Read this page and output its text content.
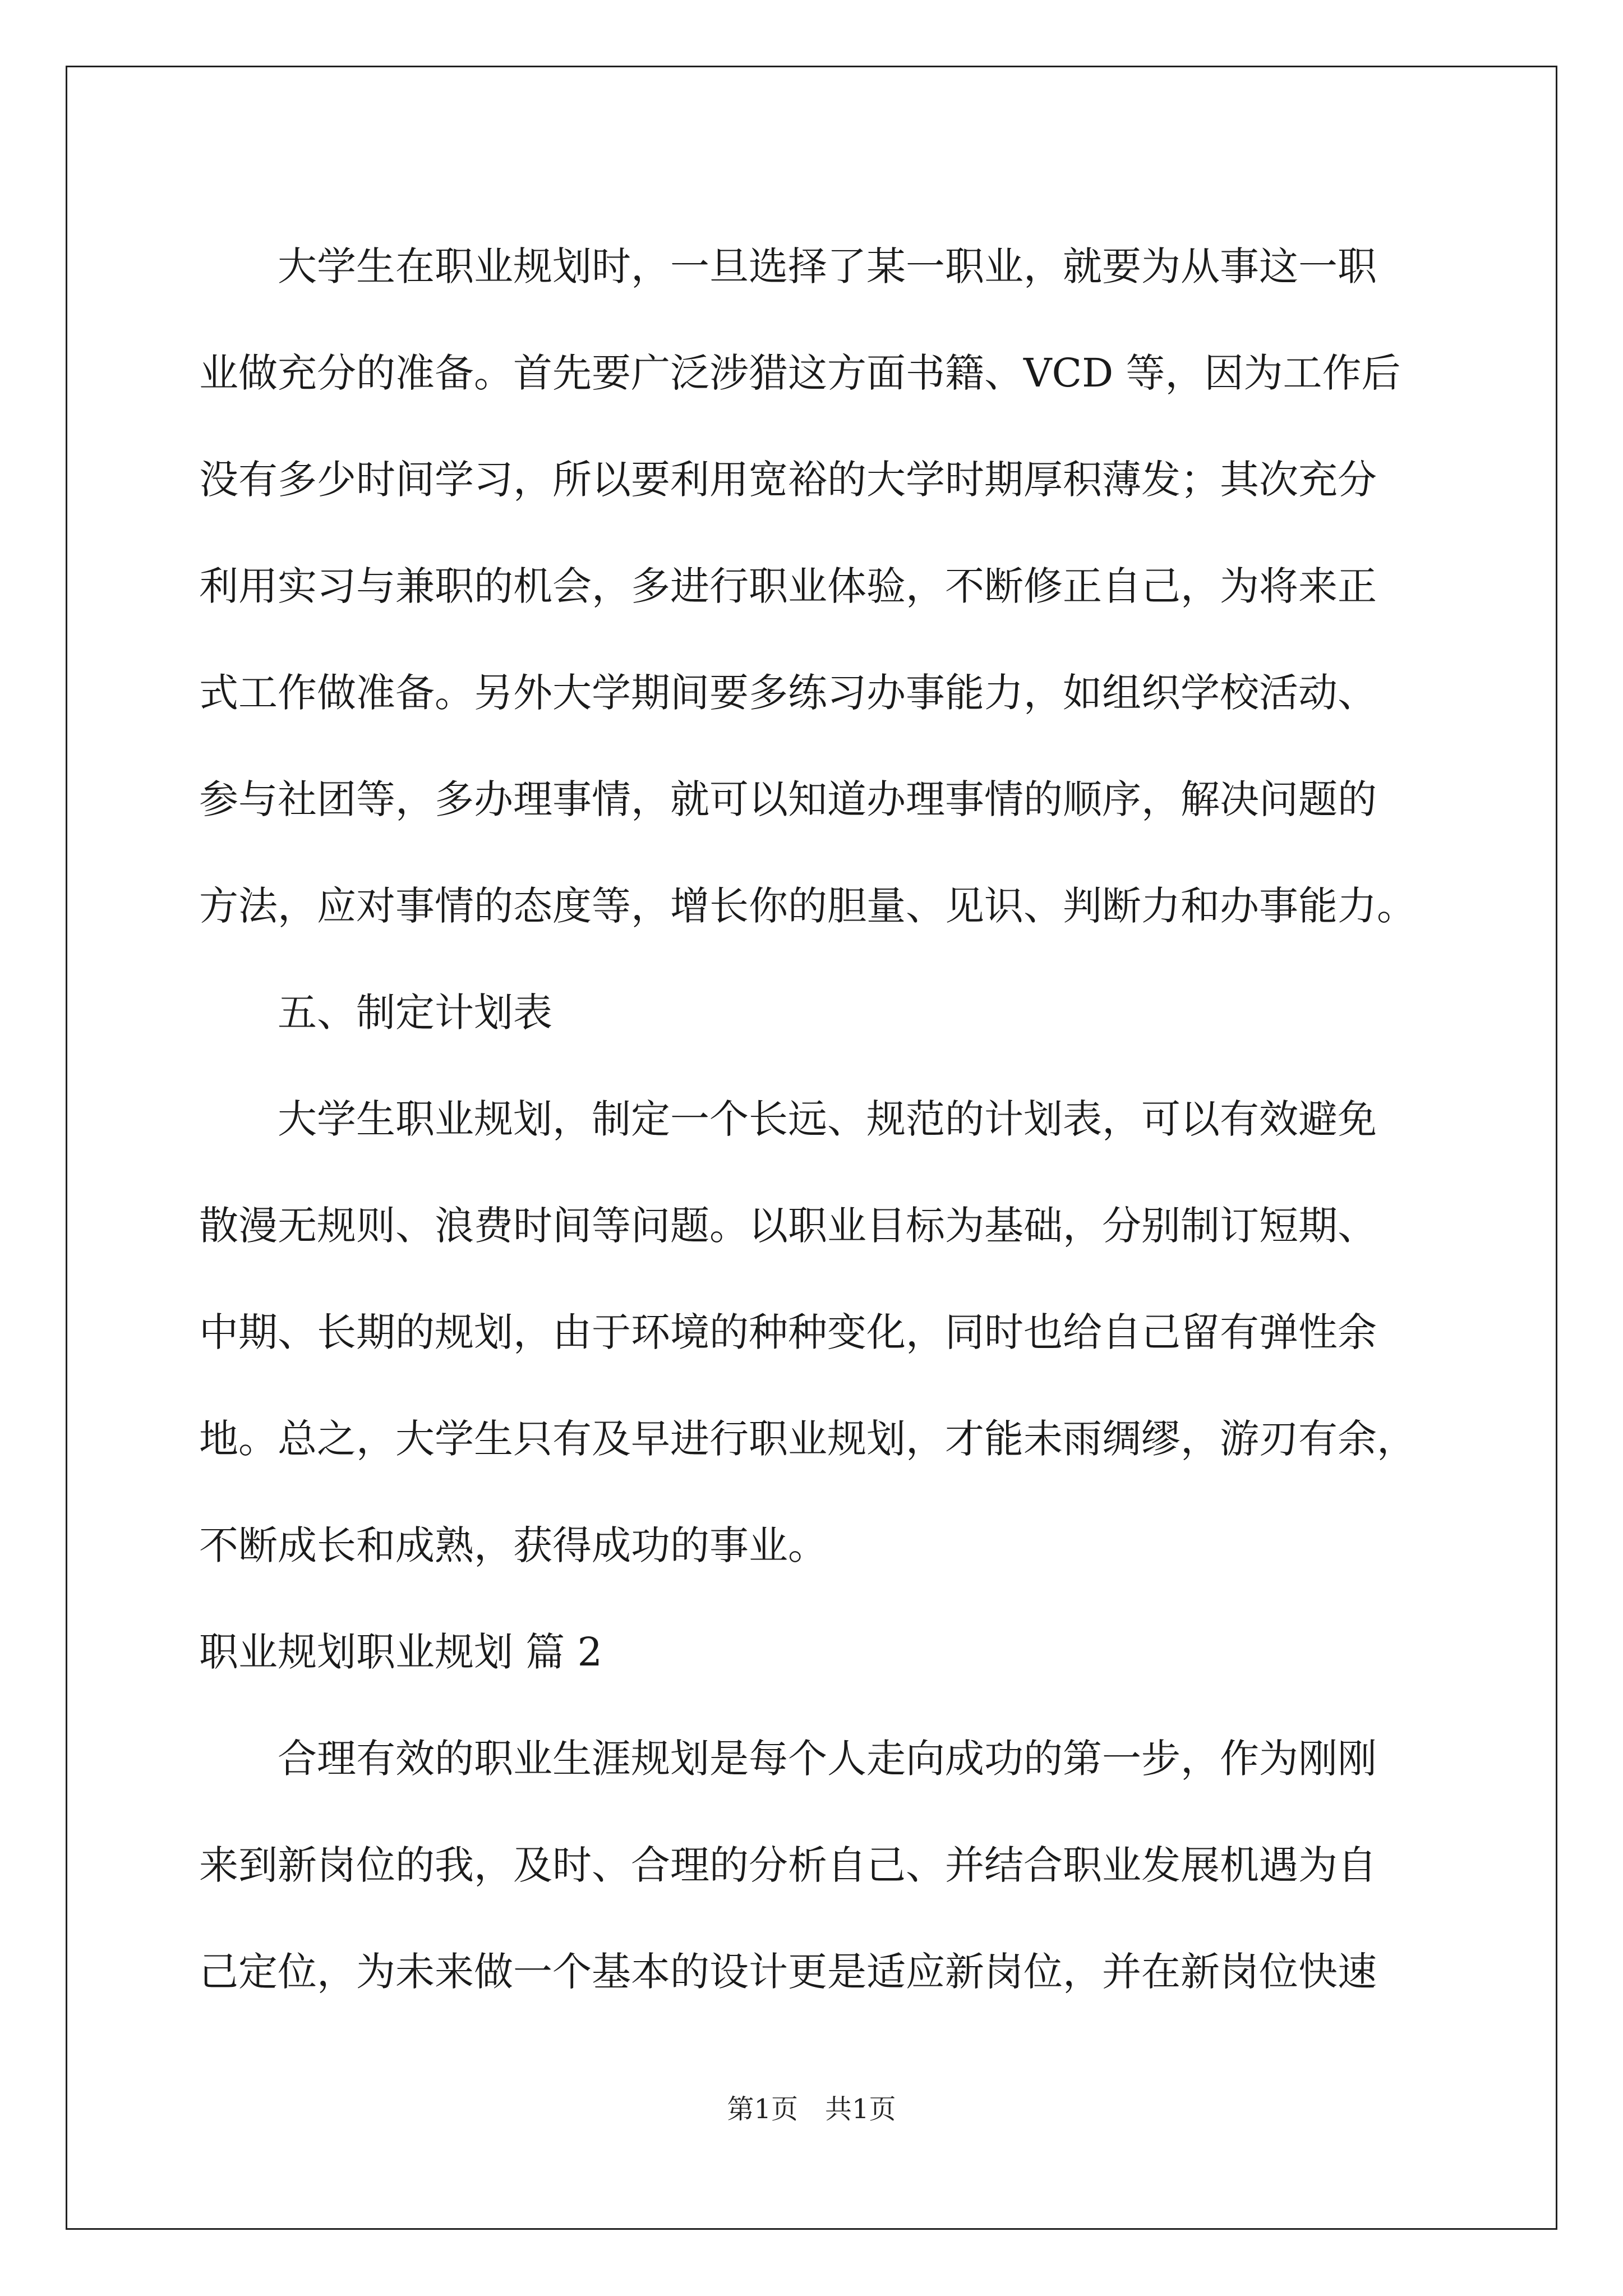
大学生在职业规划时，一旦选择了某一职业，就要为从事这一职
业做充分的准备。首先要广泛涉猎这方面书籍、VCD 等，因为工作后
没有多少时间学习，所以要利用宽裕的大学时期厚积薄发；其次充分
利用实习与兼职的机会，多进行职业体验，不断修正自己，为将来正
式工作做准备。另外大学期间要多练习办事能力，如组织学校活动、
参与社团等，多办理事情，就可以知道办理事情的顺序，解决问题的
方法，应对事情的态度等，增长你的胆量、见识、判断力和办事能力。
五、制定计划表
大学生职业规划，制定一个长远、规范的计划表，可以有效避免
散漫无规则、浪费时间等问题。以职业目标为基础，分别制订短期、
中期、长期的规划，由于环境的种种变化，同时也给自己留有弹性余
地。总之，大学生只有及早进行职业规划，才能未雨绸缪，游刃有余，
不断成长和成熟，获得成功的事业。
职业规划职业规划 篇 2
合理有效的职业生涯规划是每个人走向成功的第一步，作为刚刚
来到新岗位的我，及时、合理的分析自己、并结合职业发展机遇为自
己定位，为未来做一个基本的设计更是适应新岗位，并在新岗位快速
第1页　共1页
